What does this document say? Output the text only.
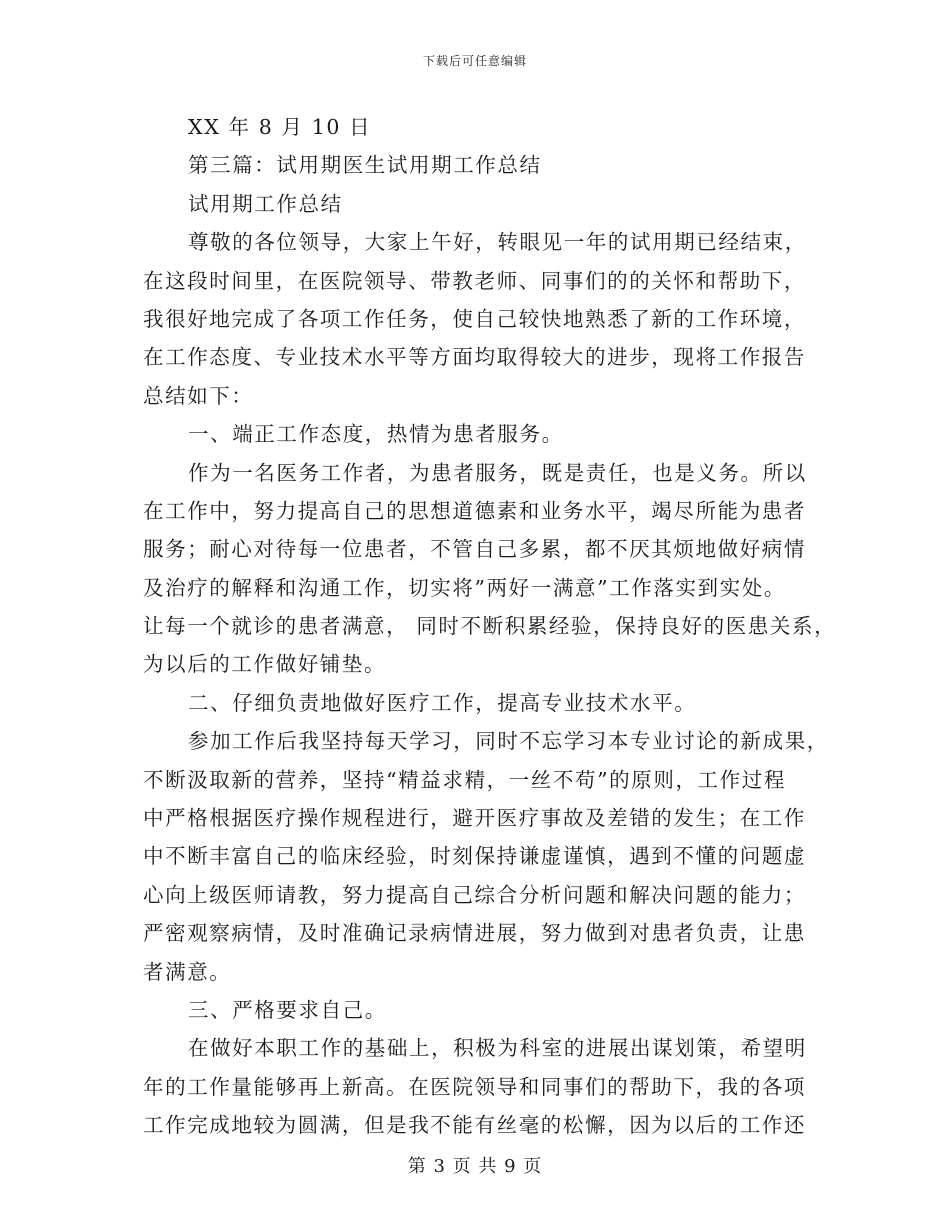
下载后可任意编辑
XX 年 8 月 10 日
第三篇：试用期医生试用期工作总结
试用期工作总结
尊敬的各位领导，大家上午好，转眼见一年的试用期已经结束，
在这段时间里，在医院领导、带教老师、同事们的的关怀和帮助下，
我很好地完成了各项工作任务，使自己较快地熟悉了新的工作环境，
在工作态度、专业技术水平等方面均取得较大的进步，现将工作报告
总结如下：
一、端正工作态度，热情为患者服务。
作为一名医务工作者，为患者服务，既是责任，也是义务。所以
在工作中，努力提高自己的思想道德素和业务水平，竭尽所能为患者
服务；耐心对待每一位患者，不管自己多累，都不厌其烦地做好病情
及治疗的解释和沟通工作，切实将”两好一满意”工作落实到实处。
让每一个就诊的患者满意， 同时不断积累经验，保持良好的医患关系，
为以后的工作做好铺垫。
二、仔细负责地做好医疗工作，提高专业技术水平。
参加工作后我坚持每天学习，同时不忘学习本专业讨论的新成果，
不断汲取新的营养，坚持“精益求精，一丝不苟”的原则，工作过程
中严格根据医疗操作规程进行，避开医疗事故及差错的发生；在工作
中不断丰富自己的临床经验，时刻保持谦虚谨慎，遇到不懂的问题虚
心向上级医师请教，努力提高自己综合分析问题和解决问题的能力；
严密观察病情，及时准确记录病情进展，努力做到对患者负责，让患
者满意。
三、严格要求自己。
在做好本职工作的基础上，积极为科室的进展出谋划策，希望明
年的工作量能够再上新高。在医院领导和同事们的帮助下，我的各项
工作完成地较为圆满，但是我不能有丝毫的松懈，因为以后的工作还
第 3 页 共 9 页
